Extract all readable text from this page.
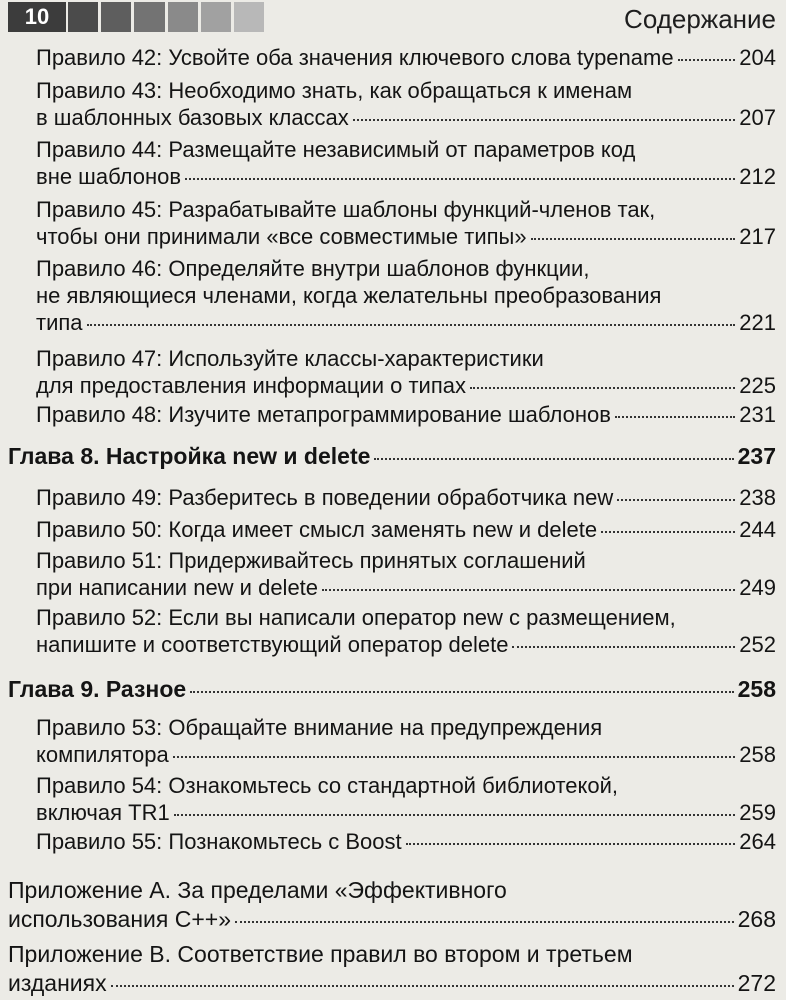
10	Содержание
Правило 42: Усвойте оба значения ключевого слова typename	204
Правило 43: Необходимо знать, как обращаться к именам
в шаблонных базовых классах	207
Правило 44: Размещайте независимый от параметров код
вне шаблонов	212
Правило 45: Разрабатывайте шаблоны функций-членов так,
чтобы они принимали «все совместимые типы»	217
Правило 46: Определяйте внутри шаблонов функции,
не являющиеся членами, когда желательны преобразования
типа	221
Правило 47: Используйте классы-характеристики
для предоставления информации о типах	225
Правило 48: Изучите метапрограммирование шаблонов	231
Глава 8. Настройка new и delete	237
Правило 49: Разберитесь в поведении обработчика new	238
Правило 50: Когда имеет смысл заменять new и delete	244
Правило 51: Придерживайтесь принятых соглашений
при написании new и delete	249
Правило 52: Если вы написали оператор new с размещением,
напишите и соответствующий оператор delete	252
Глава 9. Разное	258
Правило 53: Обращайте внимание на предупреждения
компилятора	258
Правило 54: Ознакомьтесь со стандартной библиотекой,
включая TR1	259
Правило 55: Познакомьтесь с Boost	264
Приложение А. За пределами «Эффективного
использования С++»	268
Приложение В. Соответствие правил во втором и третьем
изданиях	272
